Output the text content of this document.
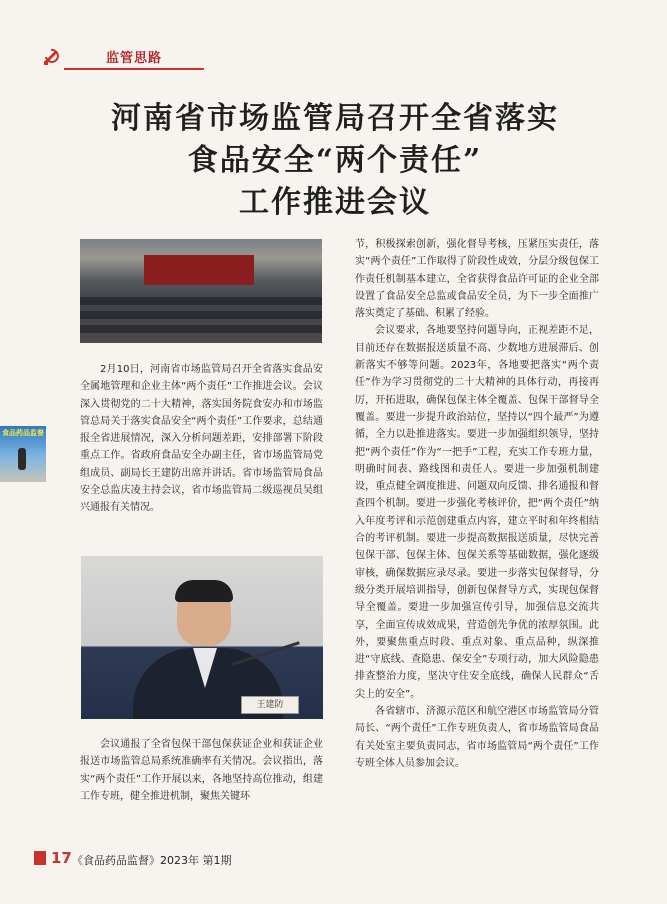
监管思路
河南省市场监管局召开全省落实
食品安全“两个责任”
工作推进会议
食品药品监督

2月10日，河南省市场监管局召开全省落实食品安全属地管理和企业主体“两个责任”工作推进会议。会议深入贯彻党的二十大精神，落实国务院食安办和市场监管总局关于落实食品安全“两个责任”工作要求，总结通报全省进展情况，深入分析问题差距，安排部署下阶段重点工作。省政府食品安全办副主任，省市场监管局党组成员、副局长王建防出席并讲话。省市场监管局食品安全总监庆凌主持会议，省市场监管局二级巡视员吴组兴通报有关情况。

王建防

会议通报了全省包保干部包保获证企业和获证企业报送市场监管总局系统准确率有关情况。会议指出，落实“两个责任”工作开展以来，各地坚持高位推动，组建工作专班，健全推进机制，聚焦关键环

节，积极探索创新，强化督导考核，压紧压实责任，落实“两个责任”工作取得了阶段性成效，分层分级包保工作责任机制基本建立，全省获得食品许可证的企业全部设置了食品安全总监或食品安全员，为下一步全面推广落实奠定了基础、积累了经验。

会议要求，各地要坚持问题导向，正视差距不足，目前还存在数据报送质量不高、少数地方进展滞后、创新落实不够等问题。2023年，各地要把落实“两个责任”作为学习贯彻党的二十大精神的具体行动，再接再厉，开拓进取，确保包保主体全覆盖、包保干部督导全覆盖。要进一步提升政治站位，坚持以“四个最严”为遵循，全力以赴推进落实。要进一步加强组织领导，坚持把“两个责任”作为“一把手”工程，充实工作专班力量，明确时间表、路线图和责任人。要进一步加强机制建设，重点健全调度推进、问题双向反馈、排名通报和督查四个机制。要进一步强化考核评价，把“两个责任”纳入年度考评和示范创建重点内容，建立平时和年终相结合的考评机制。要进一步提高数据报送质量，尽快完善包保干部、包保主体、包保关系等基础数据，强化逐级审核，确保数据应录尽录。要进一步落实包保督导，分级分类开展培训指导，创新包保督导方式，实现包保督导全覆盖。要进一步加强宣传引导，加强信息交流共享，全面宣传成效成果，营造创先争优的浓厚氛围。此外，要聚焦重点时段、重点对象、重点品种，纵深推进“守底线、查隐患、保安全”专项行动，加大风险隐患排查整治力度，坚决守住安全底线，确保人民群众“舌尖上的安全”。

各省辖市、济源示范区和航空港区市场监管局分管局长、“两个责任”工作专班负责人，省市场监管局食品有关处室主要负责同志，省市场监管局“两个责任”工作专班全体人员参加会议。

17 《食品药品监督》2023年 第1期
